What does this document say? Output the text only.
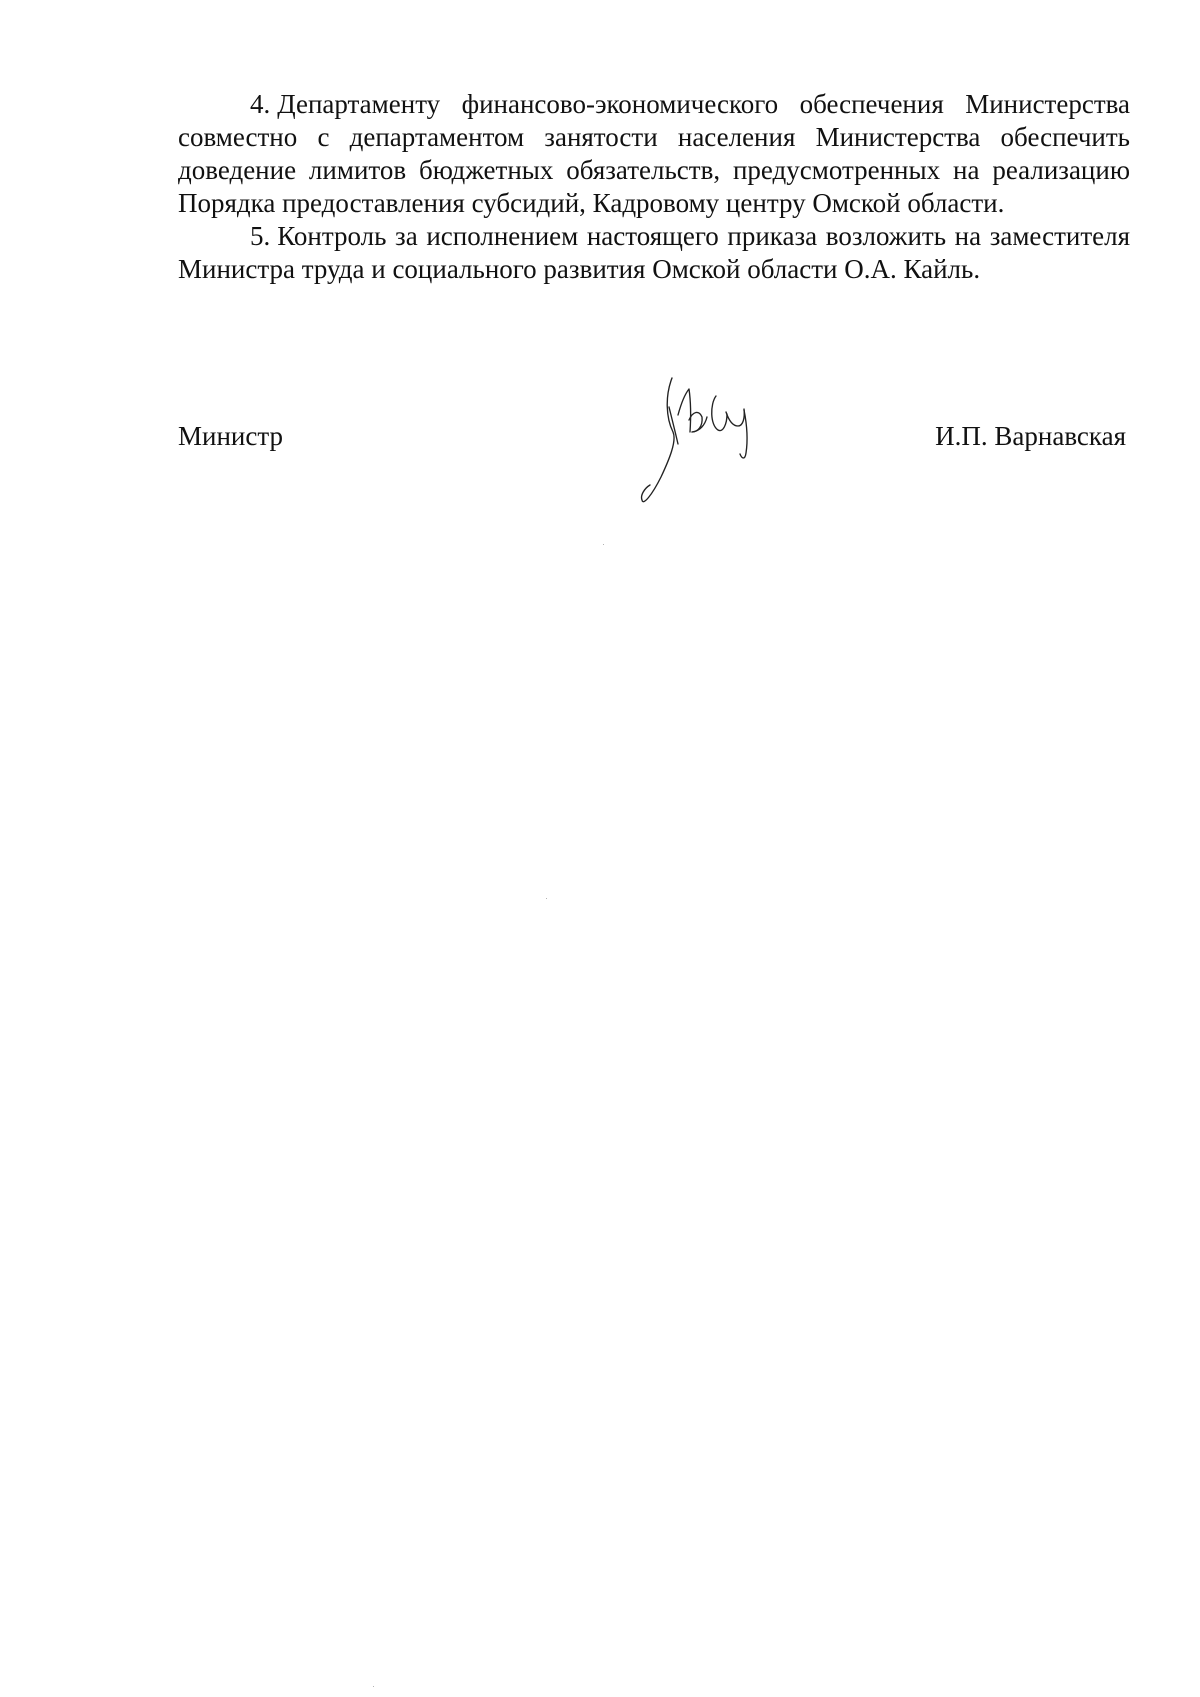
4. Департаменту финансово-экономического обеспечения Министерства совместно с департаментом занятости населения Министерства обеспечить доведение лимитов бюджетных обязательств, предусмотренных на реализацию Порядка предоставления субсидий, Кадровому центру Омской области.

5. Контроль за исполнением настоящего приказа возложить на заместителя Министра труда и социального развития Омской области О.А. Кайль.

Министр	И.П. Варнавская
